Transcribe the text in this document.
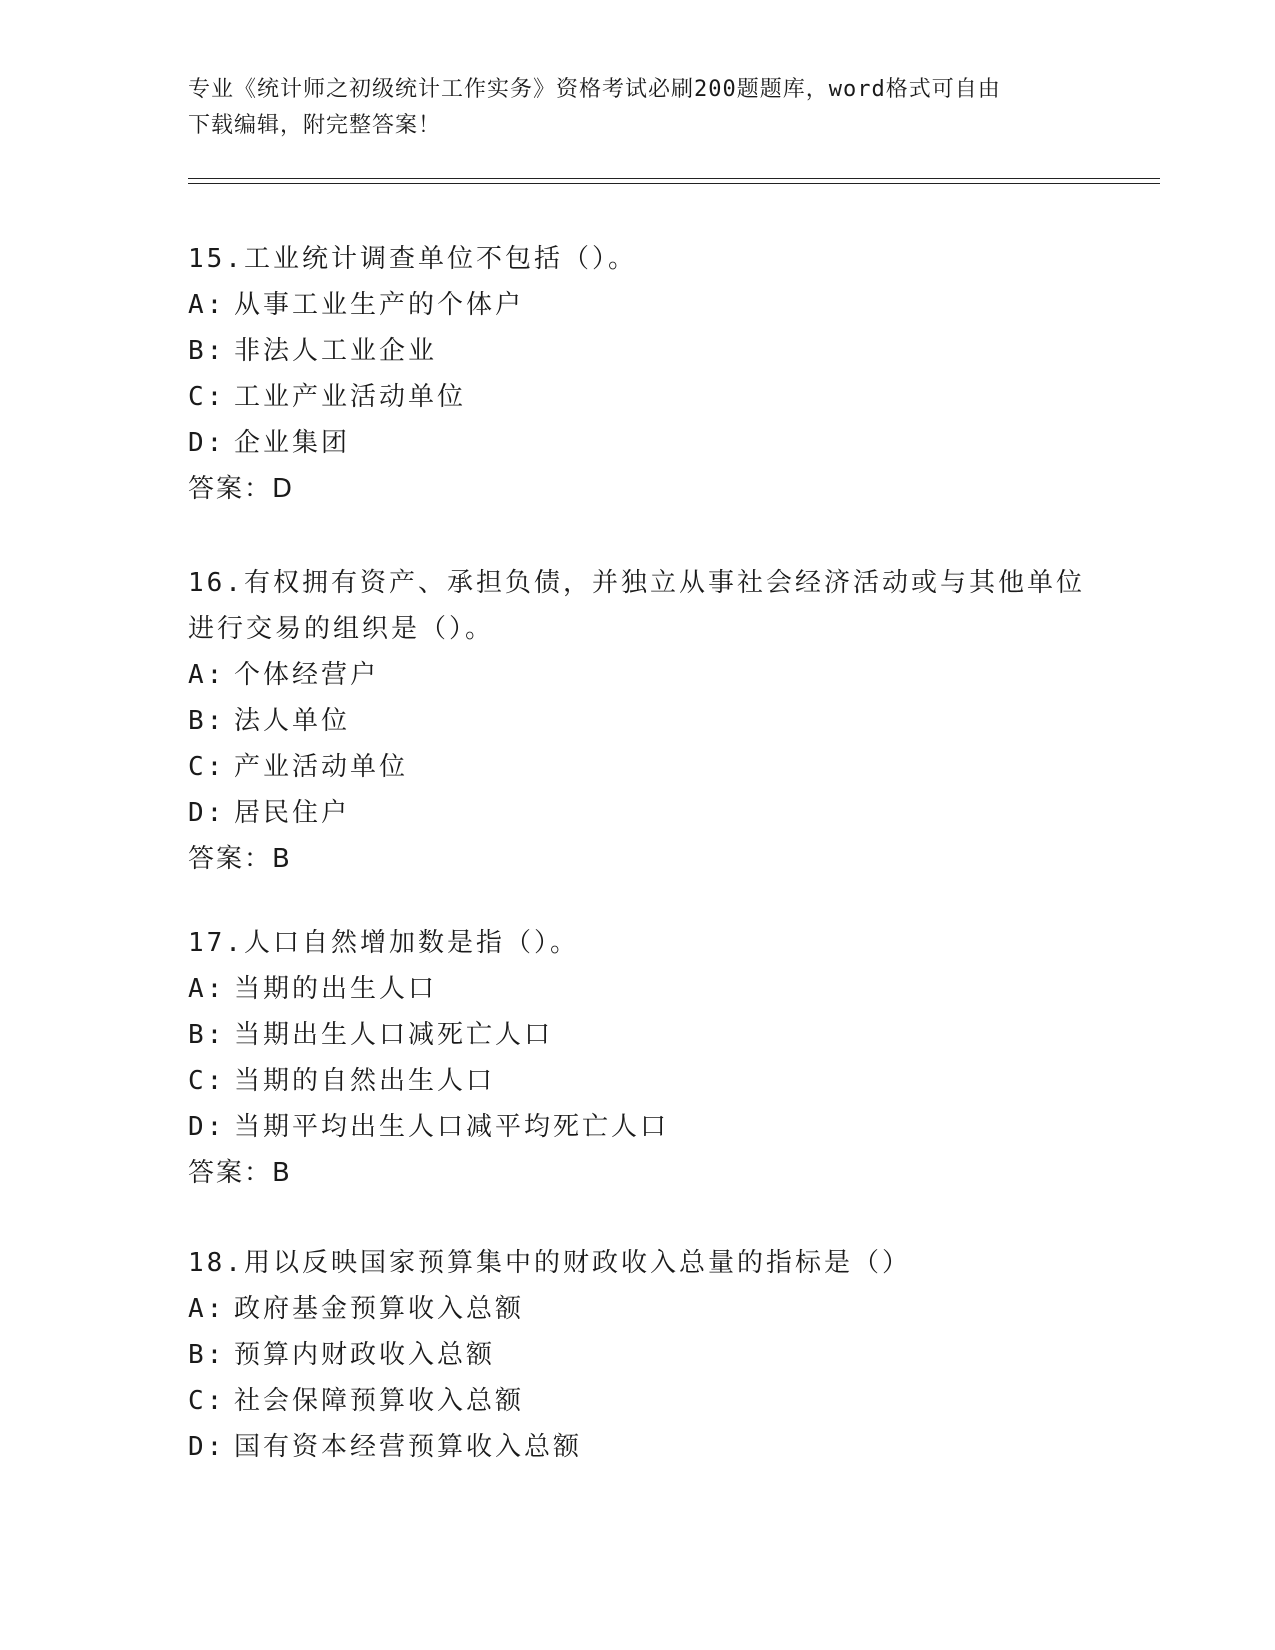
专业《统计师之初级统计工作实务》资格考试必刷200题题库，word格式可自由
下载编辑，附完整答案！
15.工业统计调查单位不包括（）。
A: 从事工业生产的个体户
B: 非法人工业企业
C: 工业产业活动单位
D: 企业集团
答案：D
16.有权拥有资产、承担负债，并独立从事社会经济活动或与其他单位
进行交易的组织是（）。
A: 个体经营户
B: 法人单位
C: 产业活动单位
D: 居民住户
答案：B
17.人口自然增加数是指（）。
A: 当期的出生人口
B: 当期出生人口减死亡人口
C: 当期的自然出生人口
D: 当期平均出生人口减平均死亡人口
答案：B
18.用以反映国家预算集中的财政收入总量的指标是（）
A: 政府基金预算收入总额
B: 预算内财政收入总额
C: 社会保障预算收入总额
D: 国有资本经营预算收入总额
